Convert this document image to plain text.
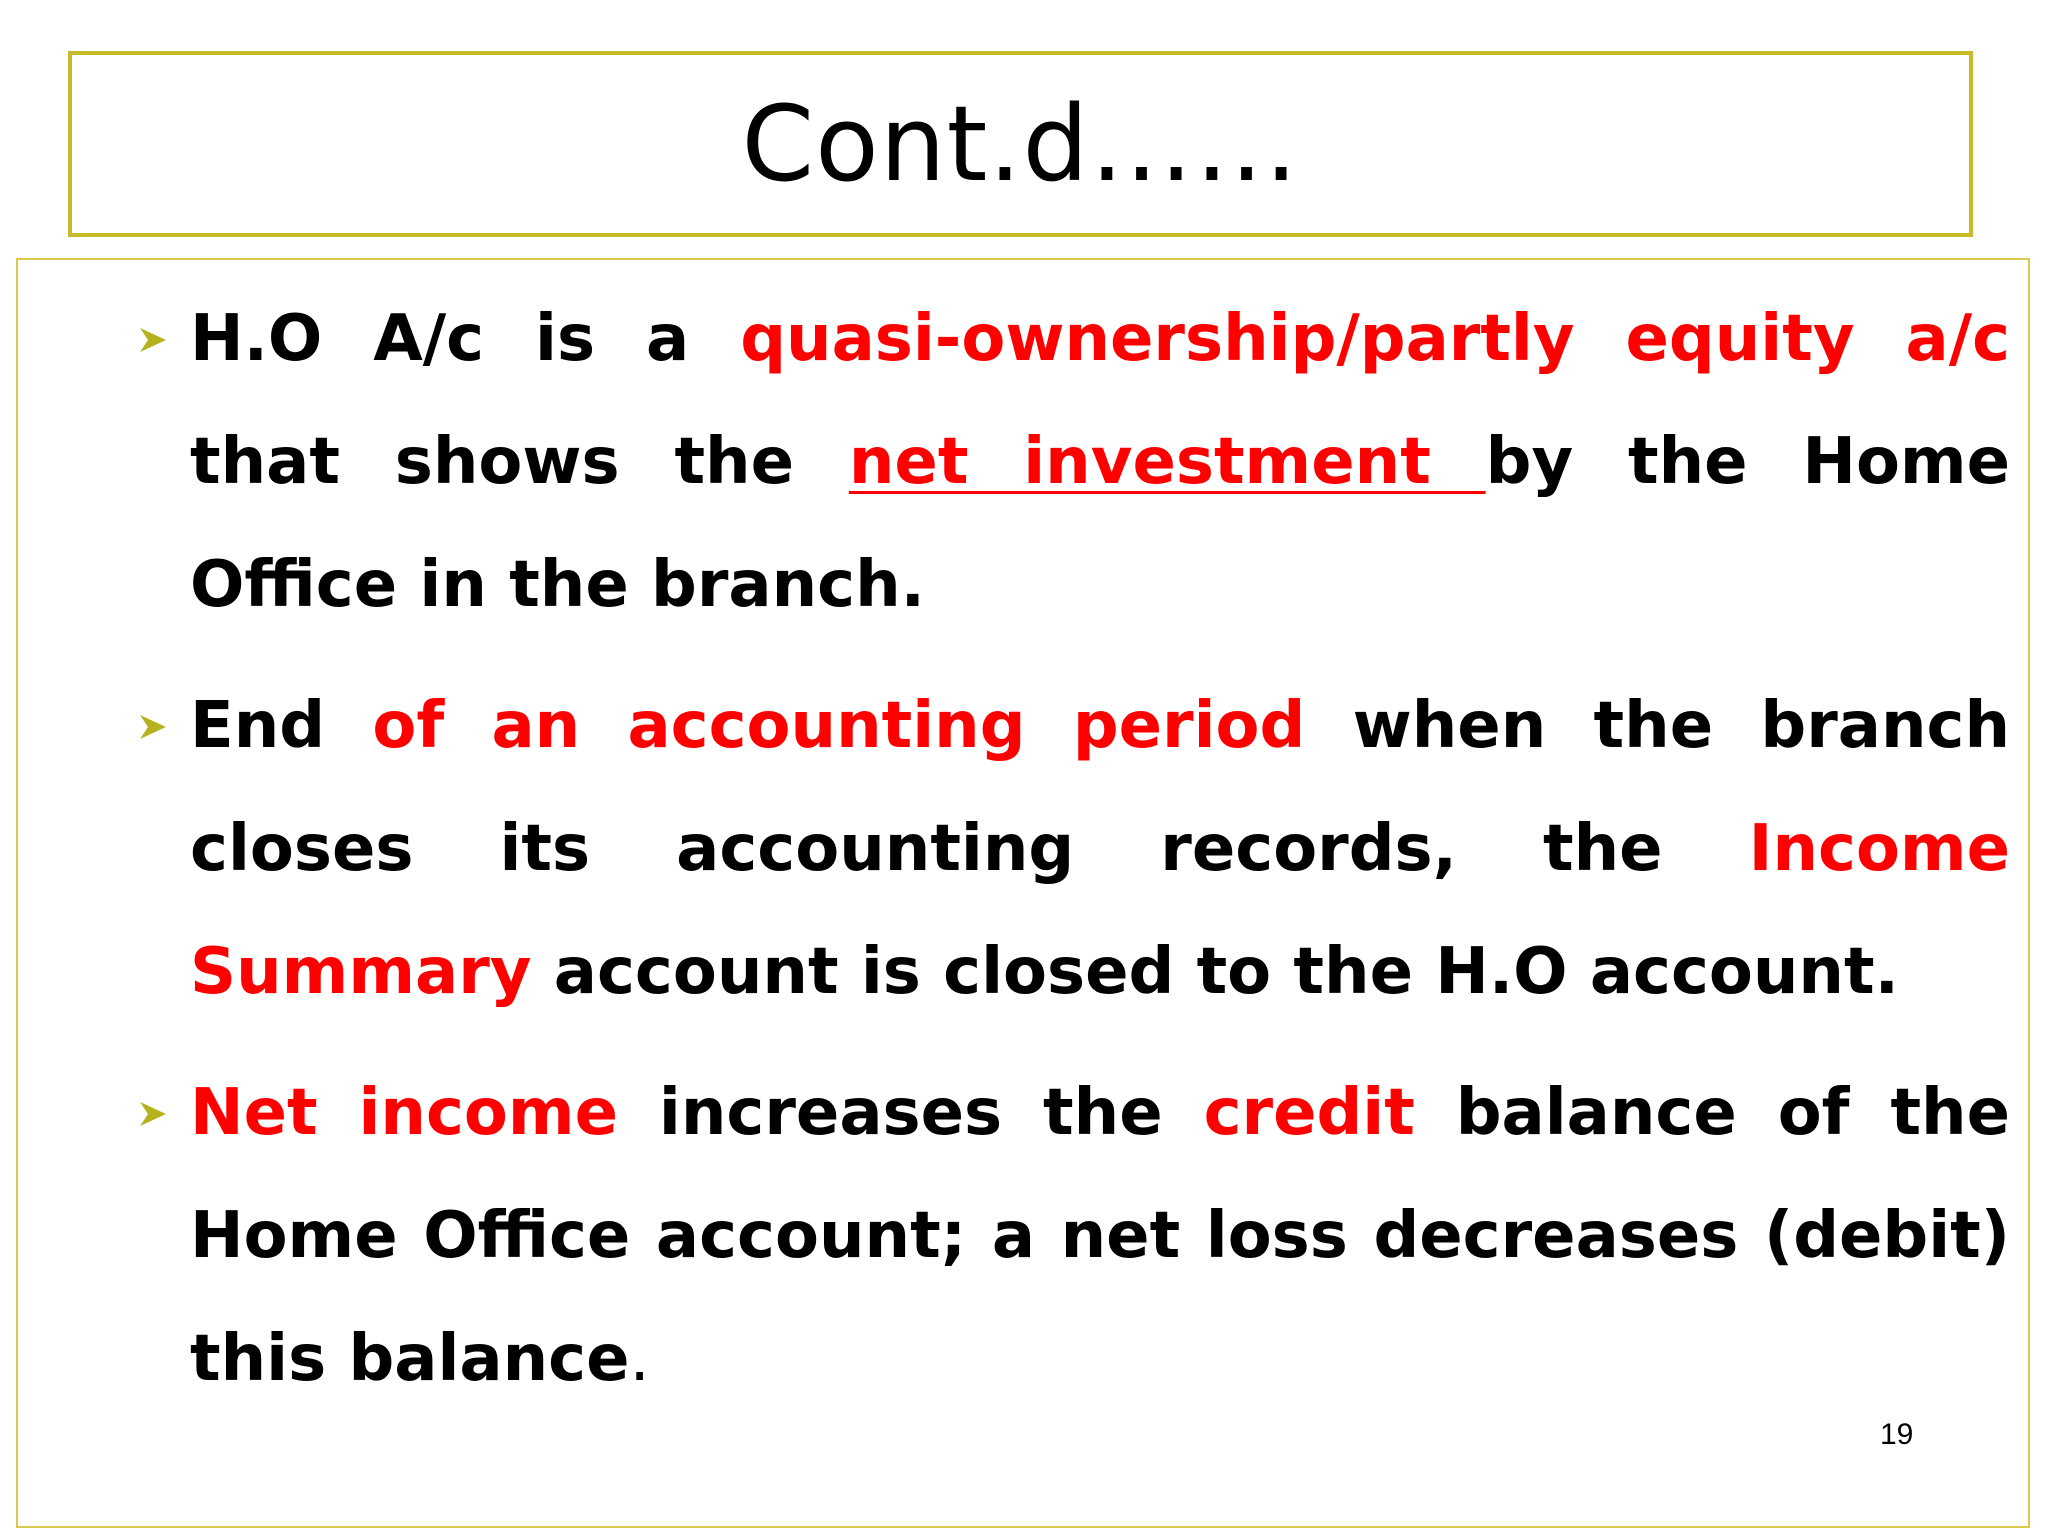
Cont.d……
H.O A/c is a quasi-ownership/partly equity a/c that shows the net investment by the Home Office in the branch.
End of an accounting period when the branch closes its accounting records, the Income Summary account is closed to the H.O account.
Net income increases the credit balance of the Home Office account; a net loss decreases (debit) this balance.
19
